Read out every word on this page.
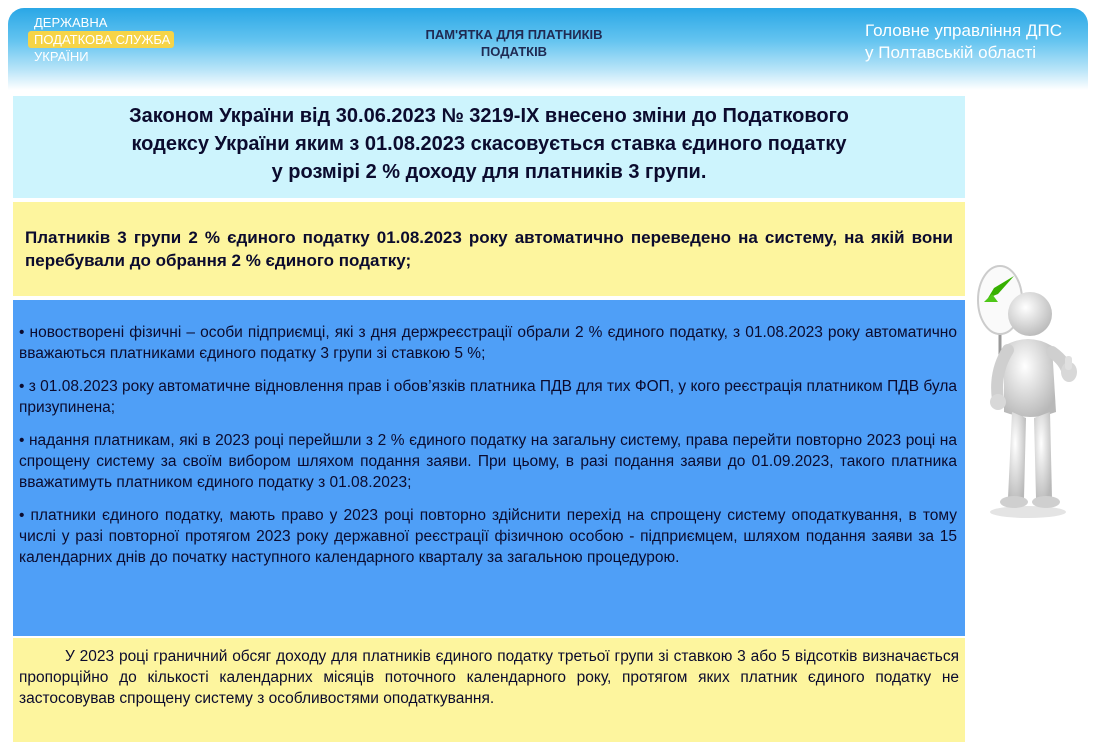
ДЕРЖАВНА
ПОДАТКОВА СЛУЖБА
УКРАЇНИ
ПАМ'ЯТКА ДЛЯ ПЛАТНИКІВ
ПОДАТКІВ
Головне управління ДПС
у Полтавській області
Законом України від 30.06.2023 № 3219-IX внесено зміни до Податкового
кодексу України яким з 01.08.2023 скасовується ставка єдиного податку
у розмірі 2 % доходу для платників 3 групи.
Платників 3 групи 2 % єдиного податку 01.08.2023 року автоматично переведено на систему, на якій вони перебували до обрання 2 % єдиного податку;
• новостворені фізичні – особи підприємці, які з дня держреєстрації обрали 2 % єдиного податку, з 01.08.2023 року автоматично вважаються платниками єдиного податку 3 групи зі ставкою 5 %;
• з 01.08.2023 року автоматичне відновлення прав і обов’язків платника ПДВ для тих ФОП, у кого реєстрація платником ПДВ була призупинена;
• надання платникам, які в 2023 році перейшли з 2 % єдиного податку на загальну систему, права перейти повторно 2023 році на спрощену систему за своїм вибором шляхом подання заяви. При цьому, в разі подання заяви до 01.09.2023, такого платника вважатимуть платником єдиного податку з 01.08.2023;
• платники єдиного податку, мають право у 2023 році повторно здійснити перехід на спрощену систему оподаткування, в тому числі у разі повторної протягом 2023 року державної реєстрації фізичною особою - підприємцем, шляхом подання заяви за 15 календарних днів до початку наступного календарного кварталу за загальною процедурою.
У 2023 році граничний обсяг доходу для платників єдиного податку третьої групи зі ставкою 3 або 5 відсотків визначається пропорційно до кількості календарних місяців поточного календарного року, протягом яких платник єдиного податку не застосовував спрощену систему з особливостями оподаткування.
